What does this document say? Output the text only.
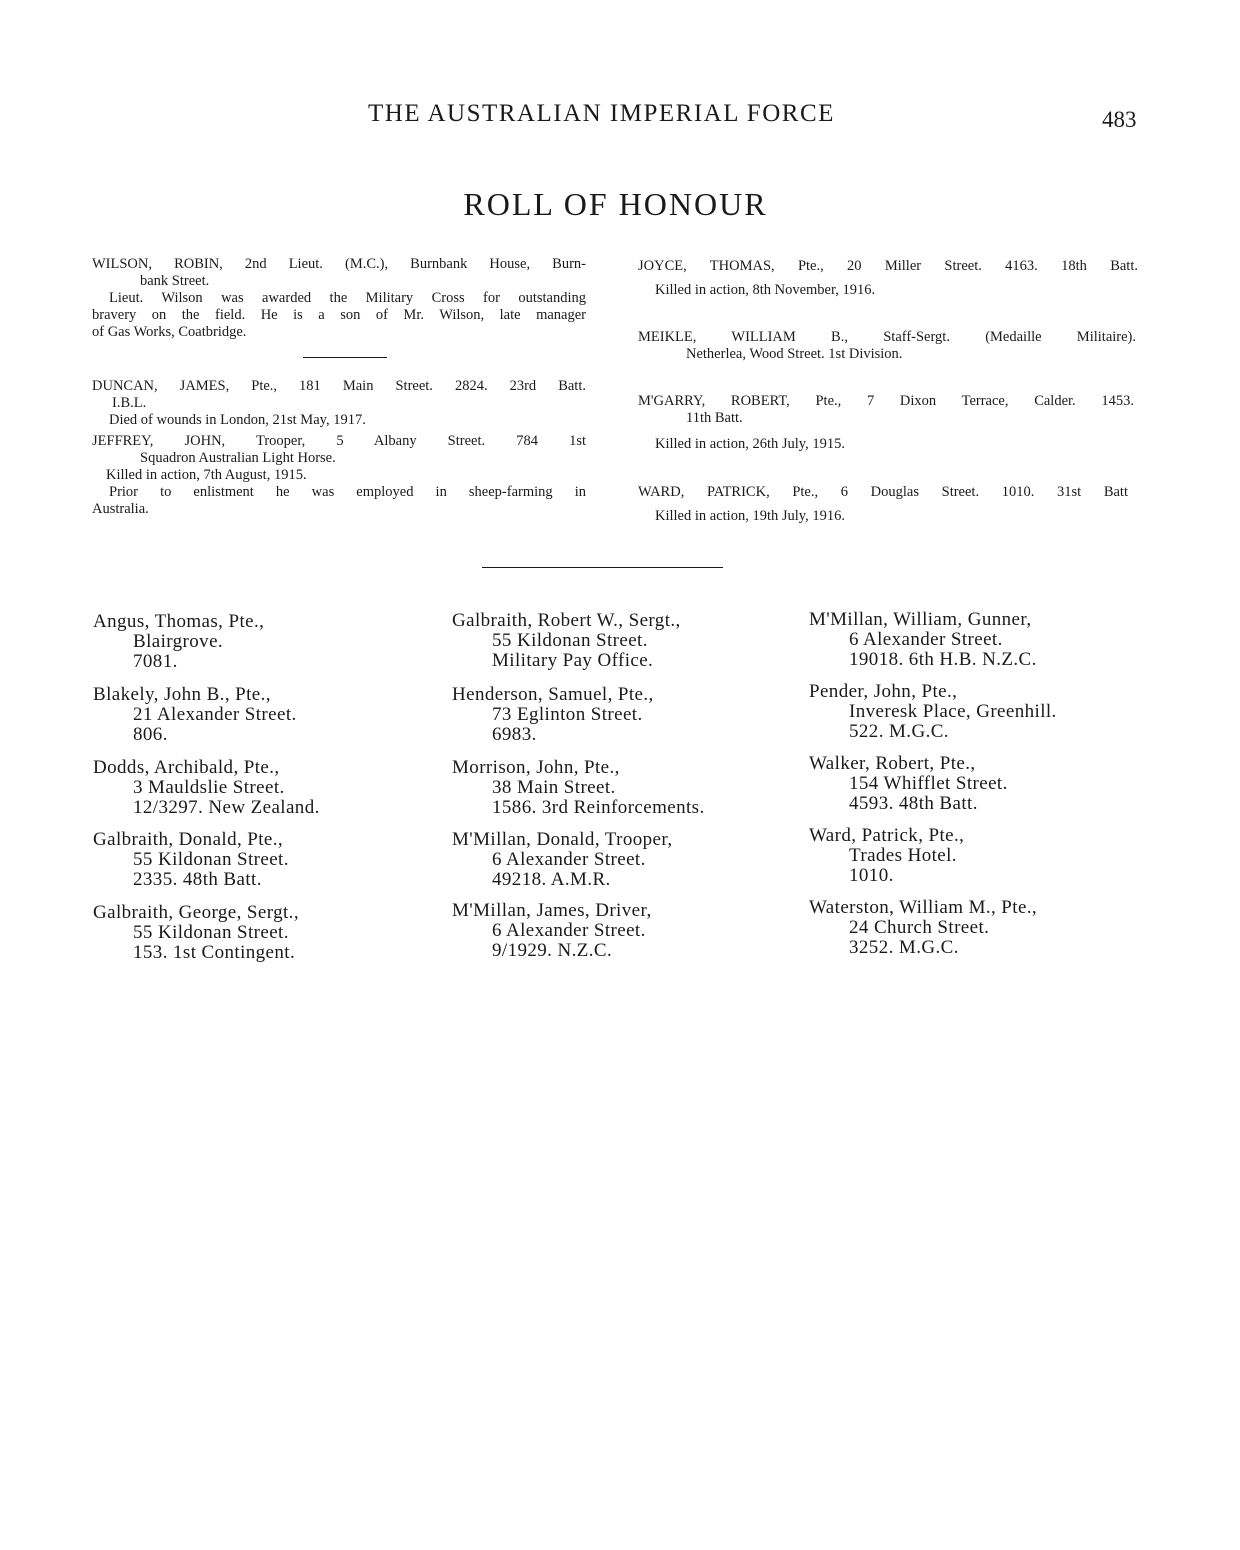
THE AUSTRALIAN IMPERIAL FORCE	483
ROLL OF HONOUR
WILSON, ROBIN, 2nd Lieut. (M.C.), Burnbank House, Burn-
bank Street.
Lieut. Wilson was awarded the Military Cross for outstanding
bravery on the field. He is a son of Mr. Wilson, late manager
of Gas Works, Coatbridge.
DUNCAN, JAMES, Pte., 181 Main Street. 2824. 23rd Batt.
I.B.L.
Died of wounds in London, 21st May, 1917.
JEFFREY, JOHN, Trooper, 5 Albany Street. 784 1st
Squadron Australian Light Horse.
Killed in action, 7th August, 1915.
Prior to enlistment he was employed in sheep-farming in
Australia.
JOYCE, THOMAS, Pte., 20 Miller Street. 4163. 18th Batt.
Killed in action, 8th November, 1916.
MEIKLE, WILLIAM B., Staff-Sergt. (Medaille Militaire).
Netherlea, Wood Street. 1st Division.
M'GARRY, ROBERT, Pte., 7 Dixon Terrace, Calder. 1453.
11th Batt.
Killed in action, 26th July, 1915.
WARD, PATRICK, Pte., 6 Douglas Street. 1010. 31st Batt
Killed in action, 19th July, 1916.
Angus, Thomas, Pte.,
Blairgrove.
7081.
Blakely, John B., Pte.,
21 Alexander Street.
806.
Dodds, Archibald, Pte.,
3 Mauldslie Street.
12/3297. New Zealand.
Galbraith, Donald, Pte.,
55 Kildonan Street.
2335. 48th Batt.
Galbraith, George, Sergt.,
55 Kildonan Street.
153. 1st Contingent.
Galbraith, Robert W., Sergt.,
55 Kildonan Street.
Military Pay Office.
Henderson, Samuel, Pte.,
73 Eglinton Street.
6983.
Morrison, John, Pte.,
38 Main Street.
1586. 3rd Reinforcements.
M'Millan, Donald, Trooper,
6 Alexander Street.
49218. A.M.R.
M'Millan, James, Driver,
6 Alexander Street.
9/1929. N.Z.C.
M'Millan, William, Gunner,
6 Alexander Street.
19018. 6th H.B. N.Z.C.
Pender, John, Pte.,
Inveresk Place, Greenhill.
522. M.G.C.
Walker, Robert, Pte.,
154 Whifflet Street.
4593. 48th Batt.
Ward, Patrick, Pte.,
Trades Hotel.
1010.
Waterston, William M., Pte.,
24 Church Street.
3252. M.G.C.
